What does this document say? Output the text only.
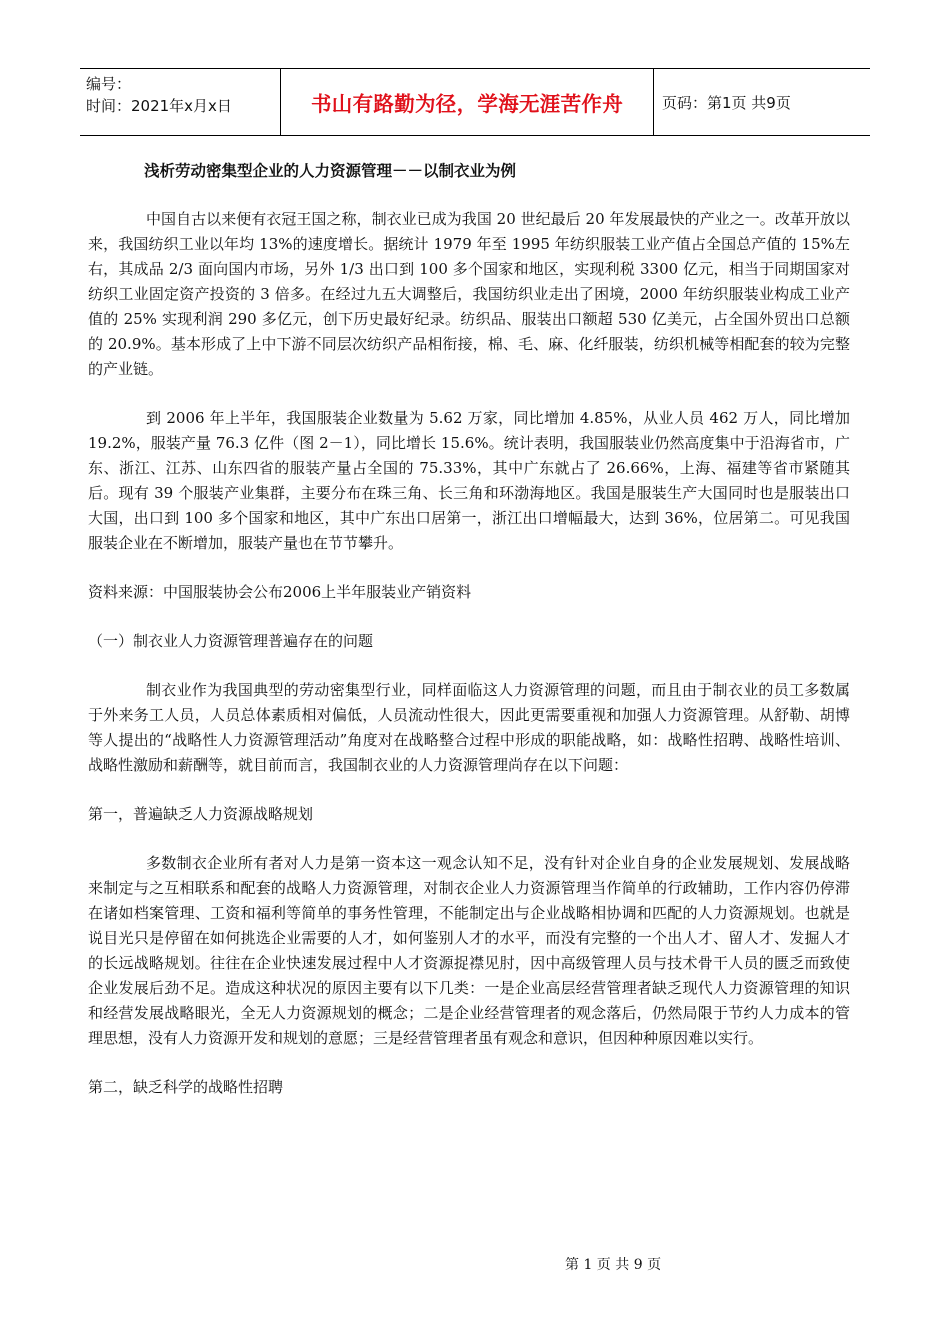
编号：
时间：2021年x月x日	书山有路勤为径，学海无涯苦作舟	页码：第1页 共9页
浅析劳动密集型企业的人力资源管理－－以制衣业为例

中国自古以来便有衣冠王国之称，制衣业已成为我国 20 世纪最后 20 年发展最快的产业之一。改革开放以来，我国纺织工业以年均 13%的速度增长。据统计 1979 年至 1995 年纺织服装工业产值占全国总产值的 15%左右，其成品 2/3 面向国内市场，另外 1/3 出口到 100 多个国家和地区，实现利税 3300 亿元，相当于同期国家对纺织工业固定资产投资的 3 倍多。在经过九五大调整后，我国纺织业走出了困境，2000 年纺织服装业构成工业产值的 25% 实现利润 290 多亿元，创下历史最好纪录。纺织品、服装出口额超 530 亿美元，占全国外贸出口总额的 20.9%。基本形成了上中下游不同层次纺织产品相衔接，棉、毛、麻、化纤服装，纺织机械等相配套的较为完整的产业链。

到 2006 年上半年，我国服装企业数量为 5.62 万家，同比增加 4.85%，从业人员 462 万人，同比增加 19.2%，服装产量 76.3 亿件（图 2－1），同比增长 15.6%。统计表明，我国服装业仍然高度集中于沿海省市，广东、浙江、江苏、山东四省的服装产量占全国的 75.33%，其中广东就占了 26.66%，上海、福建等省市紧随其后。现有 39 个服装产业集群，主要分布在珠三角、长三角和环渤海地区。我国是服装生产大国同时也是服装出口大国，出口到 100 多个国家和地区，其中广东出口居第一，浙江出口增幅最大，达到 36%，位居第二。可见我国服装企业在不断增加，服装产量也在节节攀升。

资料来源：中国服装协会公布2006上半年服装业产销资料

（一）制衣业人力资源管理普遍存在的问题

制衣业作为我国典型的劳动密集型行业，同样面临这人力资源管理的问题，而且由于制衣业的员工多数属于外来务工人员，人员总体素质相对偏低，人员流动性很大，因此更需要重视和加强人力资源管理。从舒勒、胡博等人提出的“战略性人力资源管理活动”角度对在战略整合过程中形成的职能战略，如：战略性招聘、战略性培训、战略性激励和薪酬等，就目前而言，我国制衣业的人力资源管理尚存在以下问题：

第一，普遍缺乏人力资源战略规划

多数制衣企业所有者对人力是第一资本这一观念认知不足，没有针对企业自身的企业发展规划、发展战略来制定与之互相联系和配套的战略人力资源管理，对制衣企业人力资源管理当作简单的行政辅助，工作内容仍停滞在诸如档案管理、工资和福利等简单的事务性管理，不能制定出与企业战略相协调和匹配的人力资源规划。也就是说目光只是停留在如何挑选企业需要的人才，如何鉴别人才的水平，而没有完整的一个出人才、留人才、发掘人才的长远战略规划。往往在企业快速发展过程中人才资源捉襟见肘，因中高级管理人员与技术骨干人员的匮乏而致使企业发展后劲不足。造成这种状况的原因主要有以下几类：一是企业高层经营管理者缺乏现代人力资源管理的知识和经营发展战略眼光，全无人力资源规划的概念；二是企业经营管理者的观念落后，仍然局限于节约人力成本的管理思想，没有人力资源开发和规划的意愿；三是经营管理者虽有观念和意识，但因种种原因难以实行。

第二，缺乏科学的战略性招聘

第 1 页 共 9 页
